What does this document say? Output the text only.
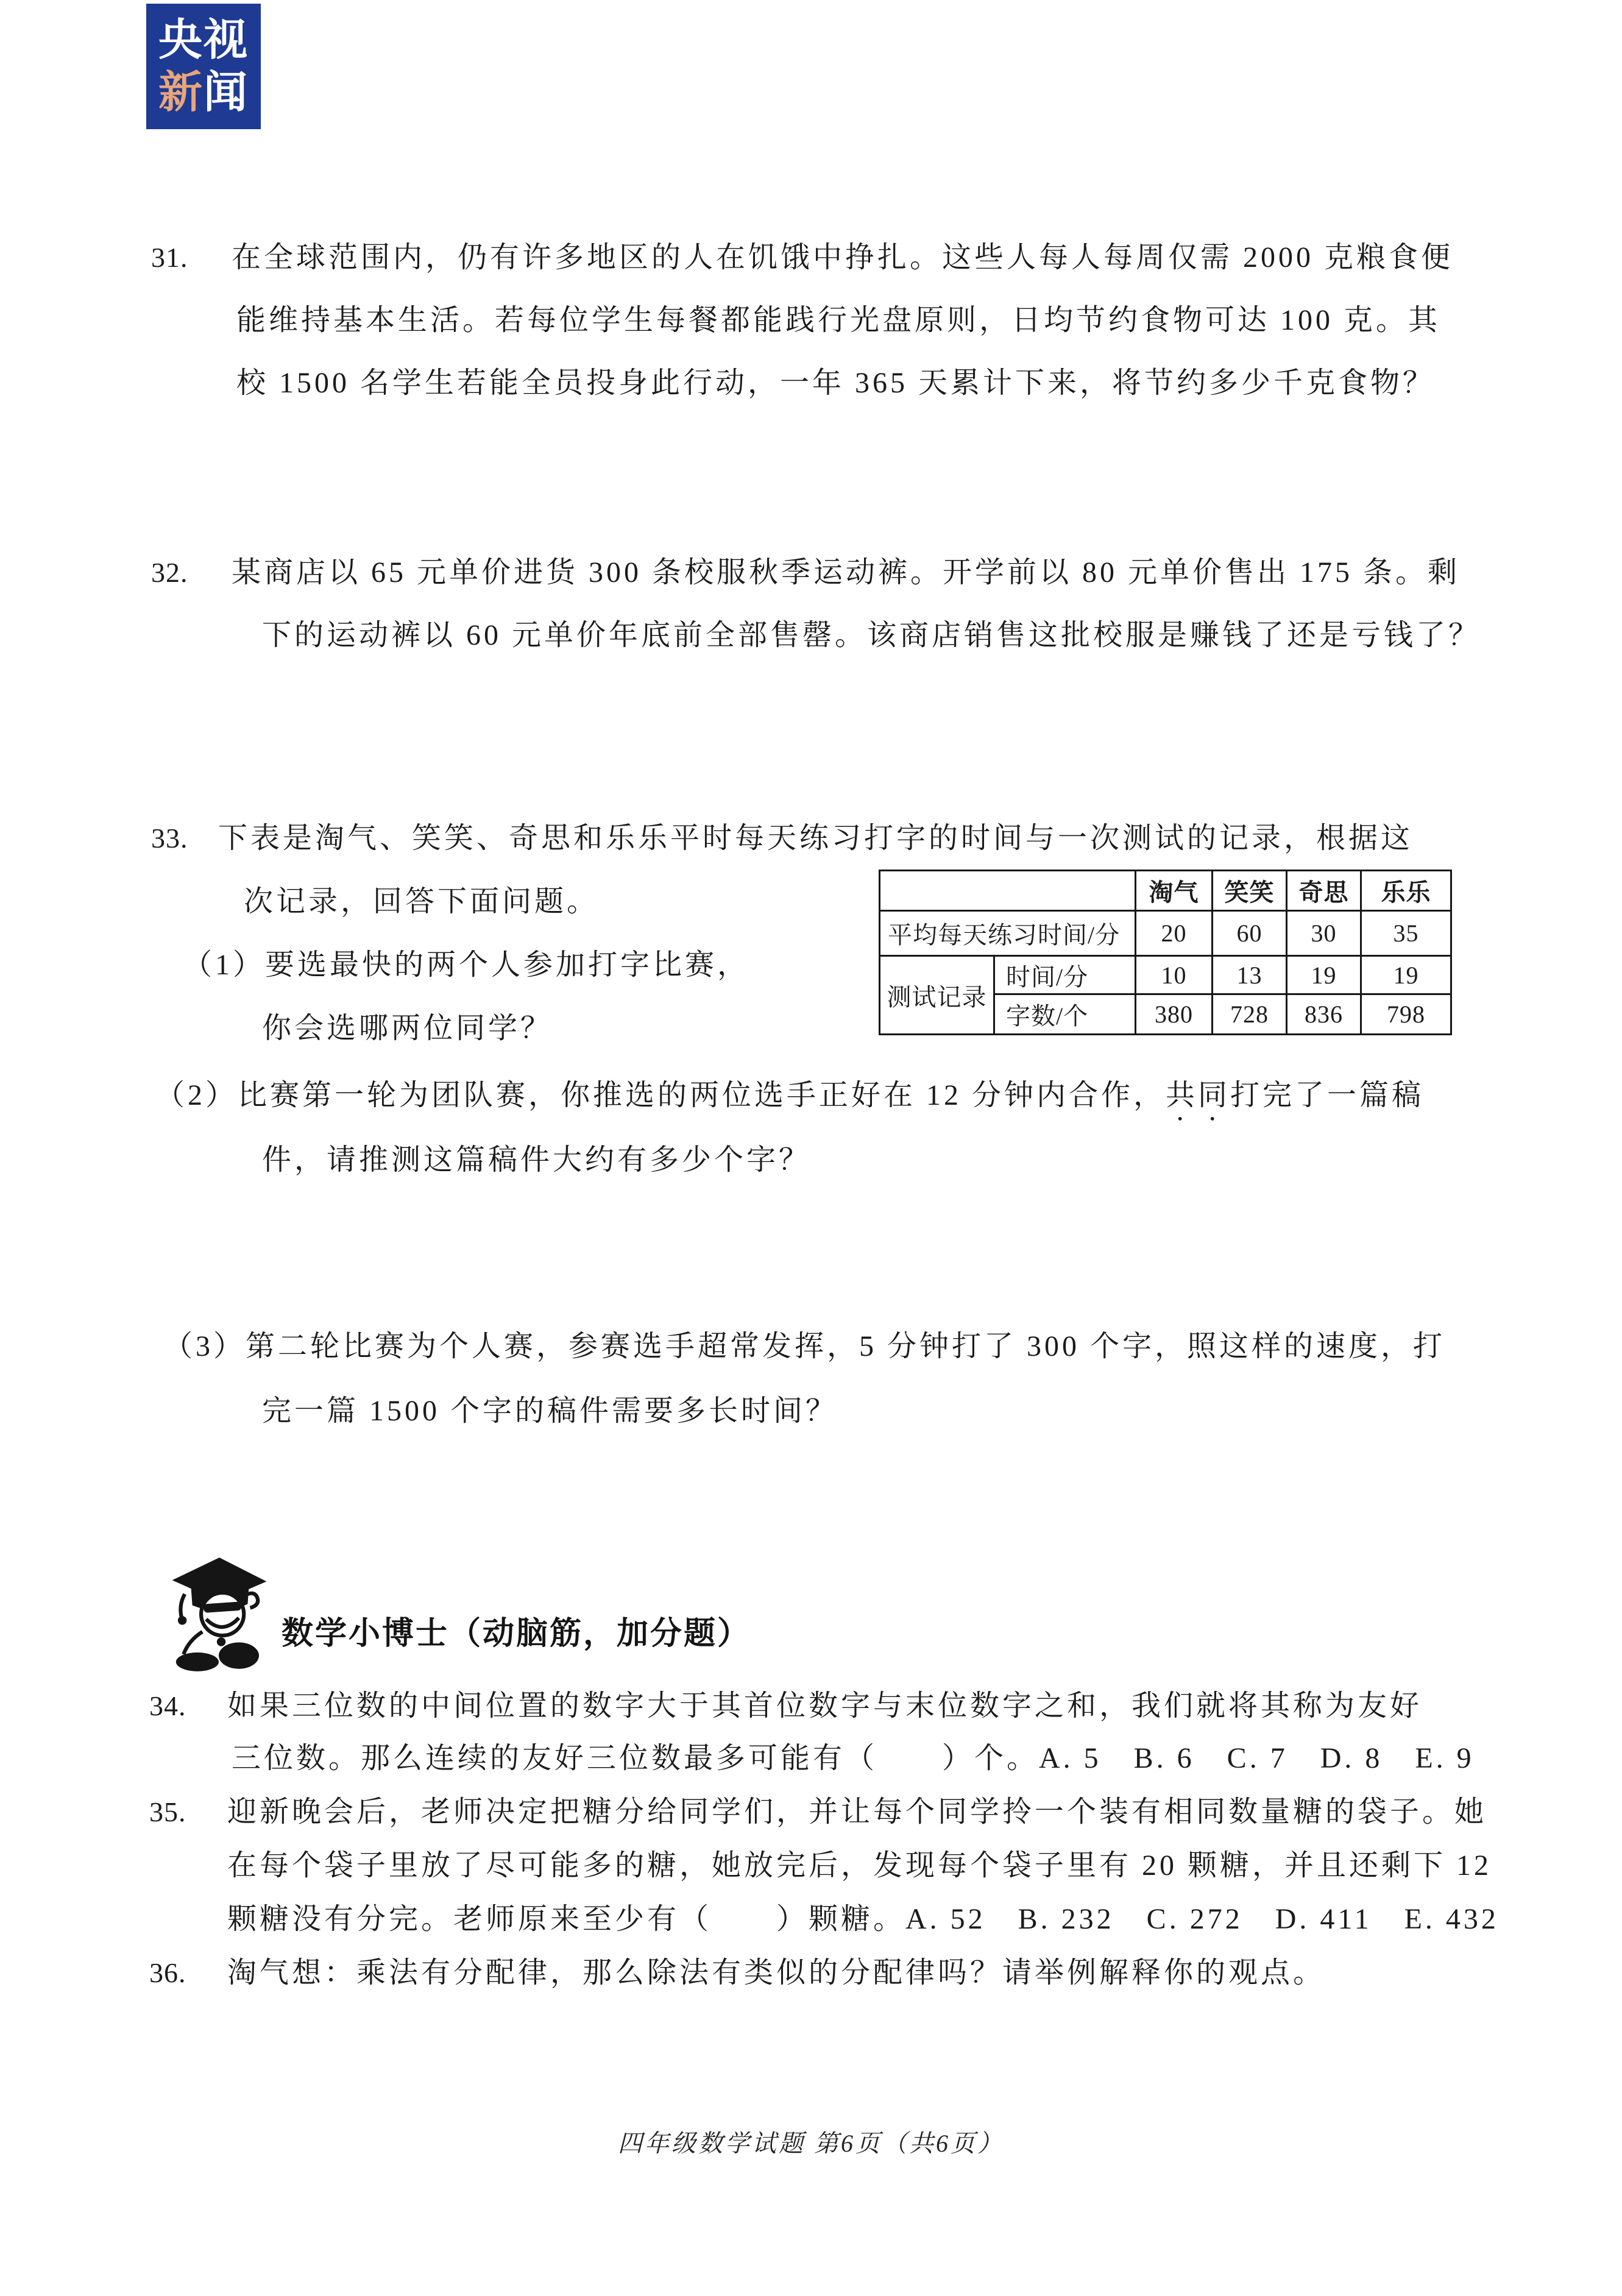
央视
新闻
31. 在全球范围内，仍有许多地区的人在饥饿中挣扎。这些人每人每周仅需 2000 克粮食便
能维持基本生活。若每位学生每餐都能践行光盘原则，日均节约食物可达 100 克。其
校 1500 名学生若能全员投身此行动，一年 365 天累计下来，将节约多少千克食物？
32. 某商店以 65 元单价进货 300 条校服秋季运动裤。开学前以 80 元单价售出 175 条。剩
下的运动裤以 60 元单价年底前全部售罄。该商店销售这批校服是赚钱了还是亏钱了？
33. 下表是淘气、笑笑、奇思和乐乐平时每天练习打字的时间与一次测试的记录，根据这
次记录，回答下面问题。
		淘气	笑笑	奇思	乐乐
平均每天练习时间/分		20	60	30	35
测试记录	时间/分	10	13	19	19
	字数/个	380	728	836	798
（1）要选最快的两个人参加打字比赛，
你会选哪两位同学？
（2）比赛第一轮为团队赛，你推选的两位选手正好在 12 分钟内合作，共同打完了一篇稿
件，请推测这篇稿件大约有多少个字？
（3）第二轮比赛为个人赛，参赛选手超常发挥，5 分钟打了 300 个字，照这样的速度，打
完一篇 1500 个字的稿件需要多长时间？
数学小博士（动脑筋，加分题）
34. 如果三位数的中间位置的数字大于其首位数字与末位数字之和，我们就将其称为友好
三位数。那么连续的友好三位数最多可能有（　　）个。A. 5　B. 6　C. 7　D. 8　E. 9
35. 迎新晚会后，老师决定把糖分给同学们，并让每个同学拎一个装有相同数量糖的袋子。她
在每个袋子里放了尽可能多的糖，她放完后，发现每个袋子里有 20 颗糖，并且还剩下 12
颗糖没有分完。老师原来至少有（　　）颗糖。A. 52　B. 232　C. 272　D. 411　E. 432
36. 淘气想：乘法有分配律，那么除法有类似的分配律吗？请举例解释你的观点。
四年级数学试题 第6页（共6页）
